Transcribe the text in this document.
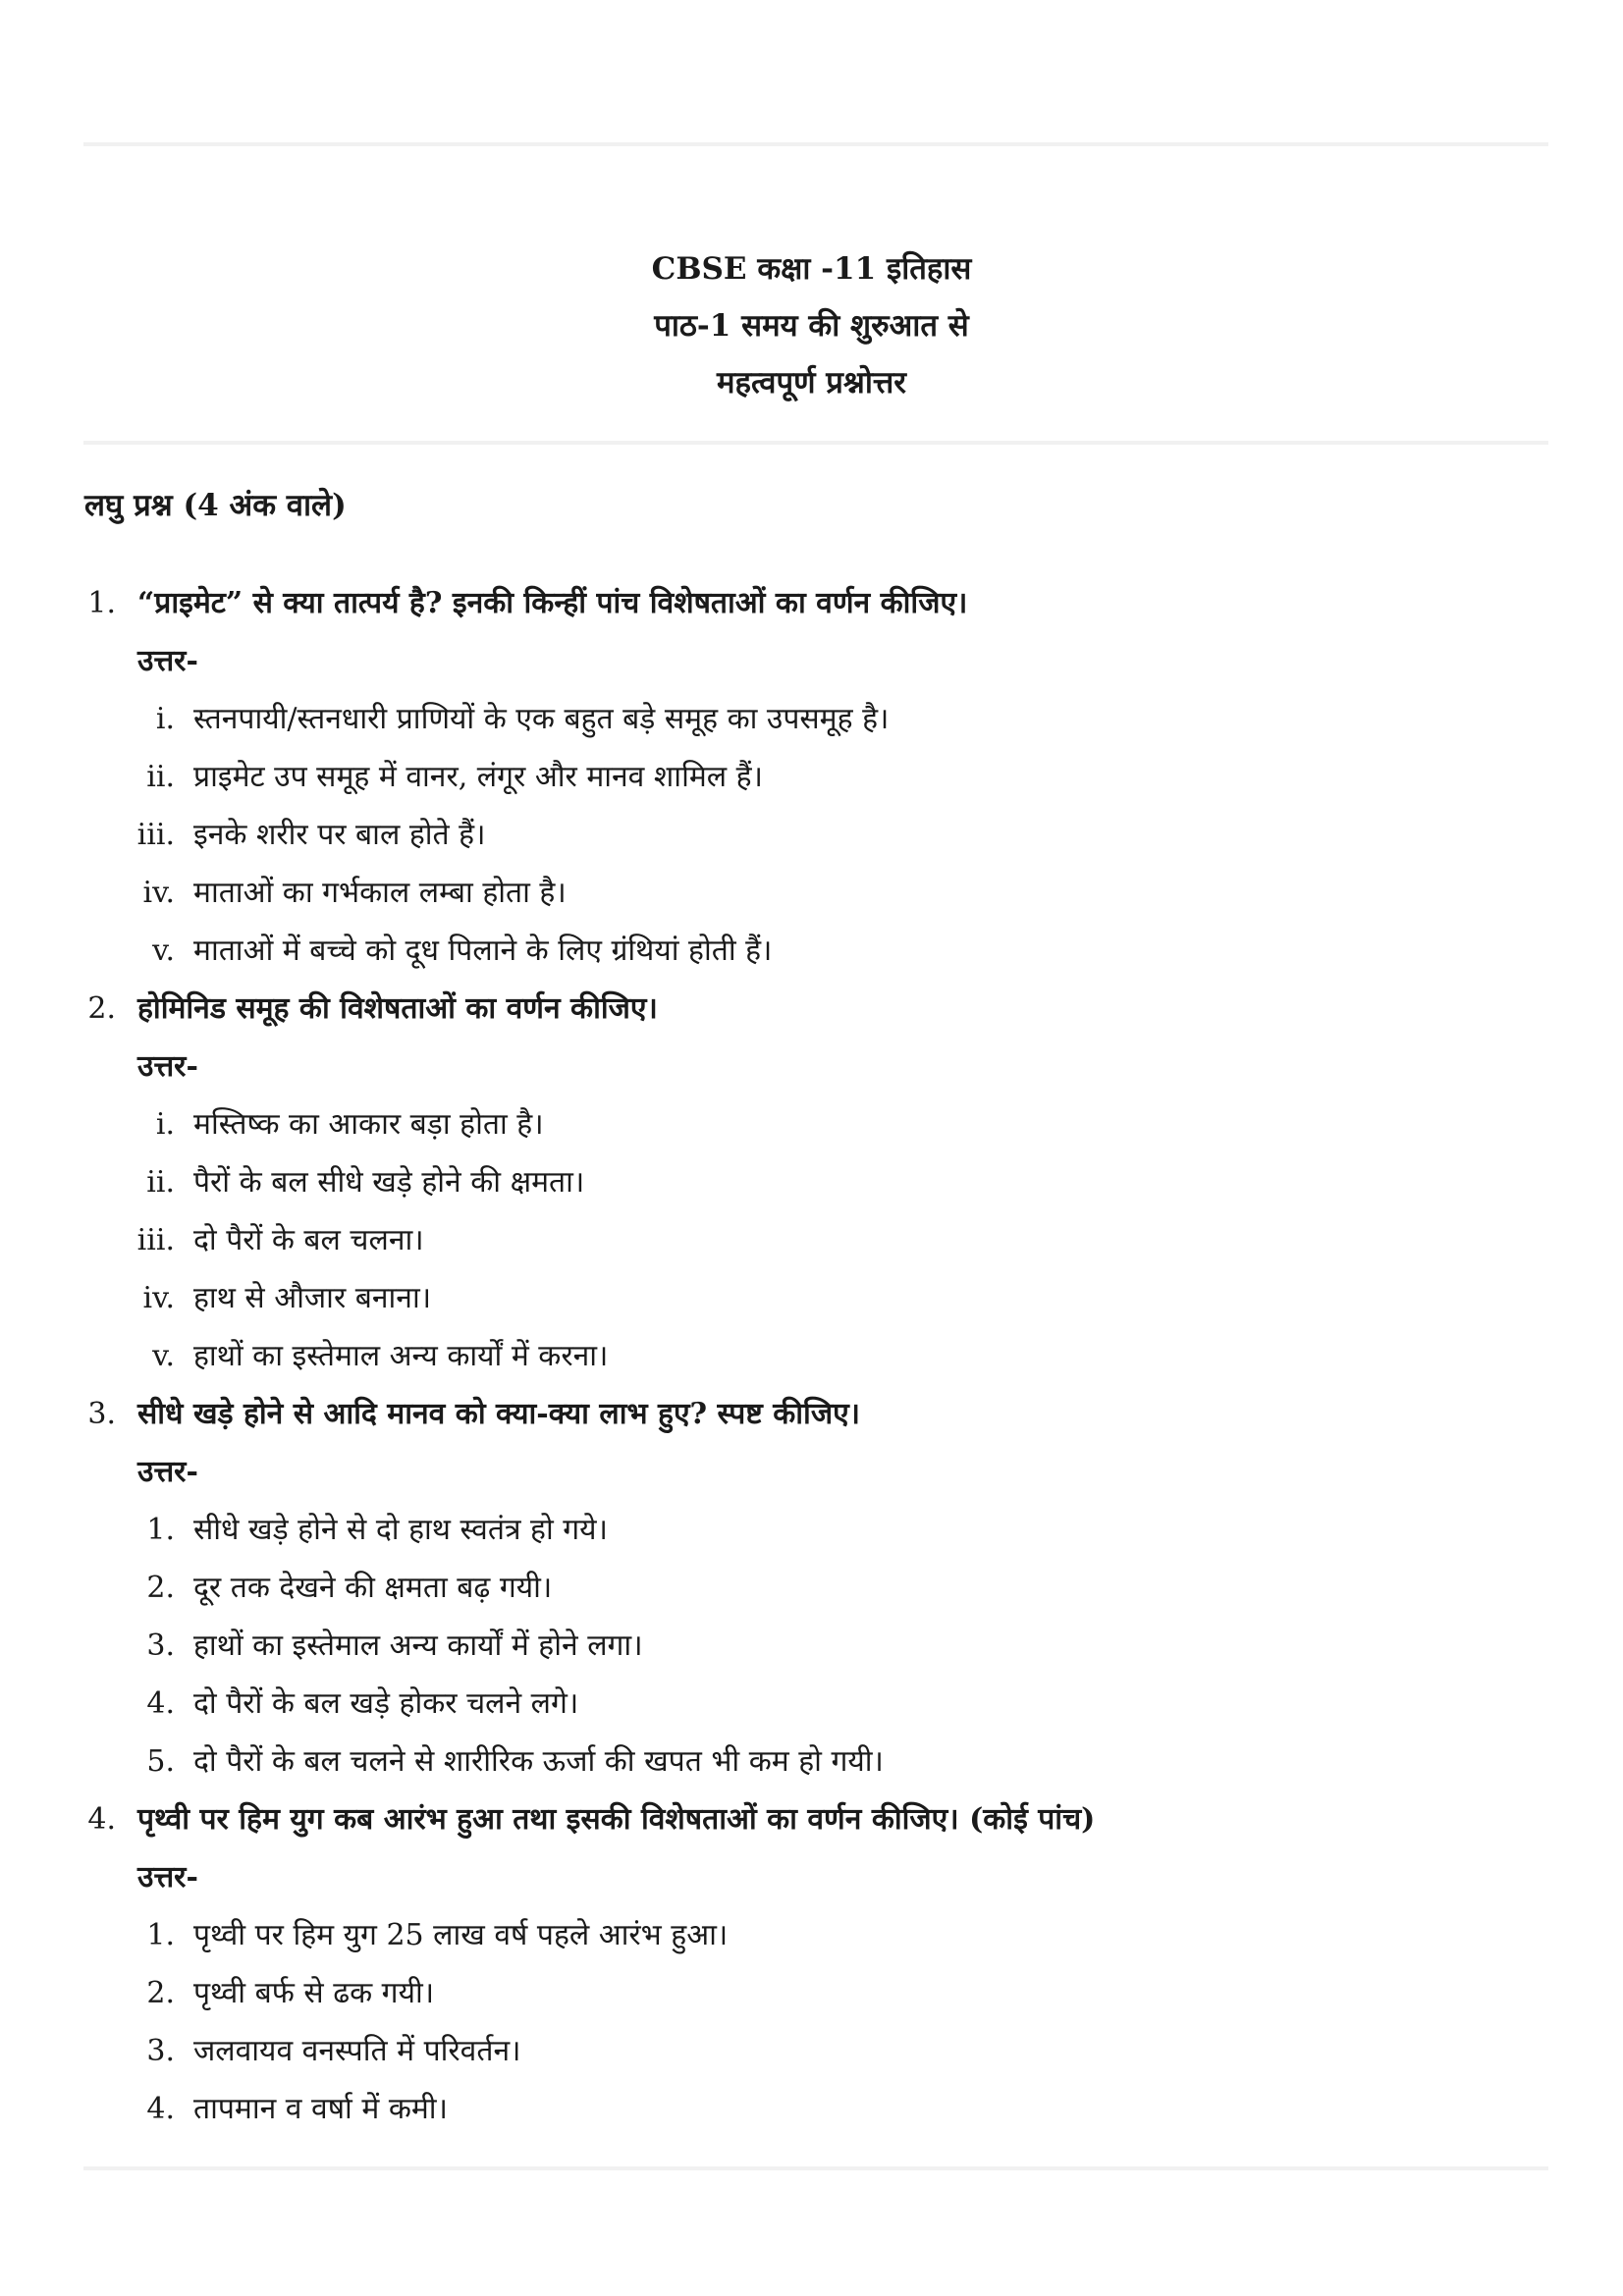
CBSE कक्षा -11 इतिहास
पाठ-1 समय की शुरुआत से
महत्वपूर्ण प्रश्नोत्तर
लघु प्रश्न (4 अंक वाले)
1. “प्राइमेट” से क्या तात्पर्य है? इनकी किन्हीं पांच विशेषताओं का वर्णन कीजिए।
उत्तर-
i. स्तनपायी/स्तनधारी प्राणियों के एक बहुत बड़े समूह का उपसमूह है।
ii. प्राइमेट उप समूह में वानर, लंगूर और मानव शामिल हैं।
iii. इनके शरीर पर बाल होते हैं।
iv. माताओं का गर्भकाल लम्बा होता है।
v. माताओं में बच्चे को दूध पिलाने के लिए ग्रंथियां होती हैं।
2. होमिनिड समूह की विशेषताओं का वर्णन कीजिए।
उत्तर-
i. मस्तिष्क का आकार बड़ा होता है।
ii. पैरों के बल सीधे खड़े होने की क्षमता।
iii. दो पैरों के बल चलना।
iv. हाथ से औजार बनाना।
v. हाथों का इस्तेमाल अन्य कार्यों में करना।
3. सीधे खड़े होने से आदि मानव को क्या-क्या लाभ हुए? स्पष्ट कीजिए।
उत्तर-
1. सीधे खड़े होने से दो हाथ स्वतंत्र हो गये।
2. दूर तक देखने की क्षमता बढ़ गयी।
3. हाथों का इस्तेमाल अन्य कार्यों में होने लगा।
4. दो पैरों के बल खड़े होकर चलने लगे।
5. दो पैरों के बल चलने से शारीरिक ऊर्जा की खपत भी कम हो गयी।
4. पृथ्वी पर हिम युग कब आरंभ हुआ तथा इसकी विशेषताओं का वर्णन कीजिए। (कोई पांच)
उत्तर-
1. पृथ्वी पर हिम युग 25 लाख वर्ष पहले आरंभ हुआ।
2. पृथ्वी बर्फ से ढक गयी।
3. जलवायव वनस्पति में परिवर्तन।
4. तापमान व वर्षा में कमी।
